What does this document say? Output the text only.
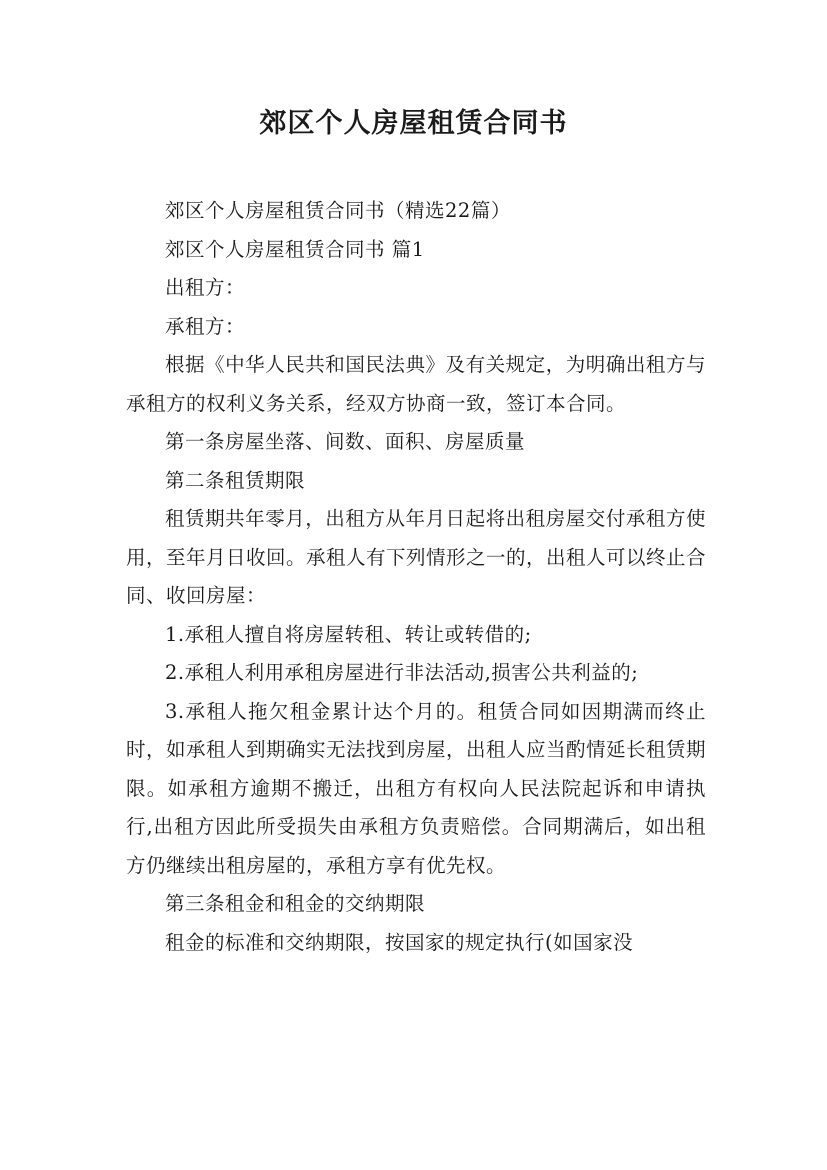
郊区个人房屋租赁合同书

郊区个人房屋租赁合同书（精选22篇）

郊区个人房屋租赁合同书 篇1

出租方：

承租方：

根据《中华人民共和国民法典》及有关规定，为明确出租方与承租方的权利义务关系，经双方协商一致，签订本合同。

第一条房屋坐落、间数、面积、房屋质量

第二条租赁期限

租赁期共年零月，出租方从年月日起将出租房屋交付承租方使用，至年月日收回。承租人有下列情形之一的，出租人可以终止合同、收回房屋：

1.承租人擅自将房屋转租、转让或转借的;

2.承租人利用承租房屋进行非法活动,损害公共利益的;

3.承租人拖欠租金累计达个月的。租赁合同如因期满而终止时，如承租人到期确实无法找到房屋，出租人应当酌情延长租赁期限。如承租方逾期不搬迁，出租方有权向人民法院起诉和申请执行,出租方因此所受损失由承租方负责赔偿。合同期满后，如出租方仍继续出租房屋的，承租方享有优先权。

第三条租金和租金的交纳期限

租金的标准和交纳期限，按国家的规定执行(如国家没
